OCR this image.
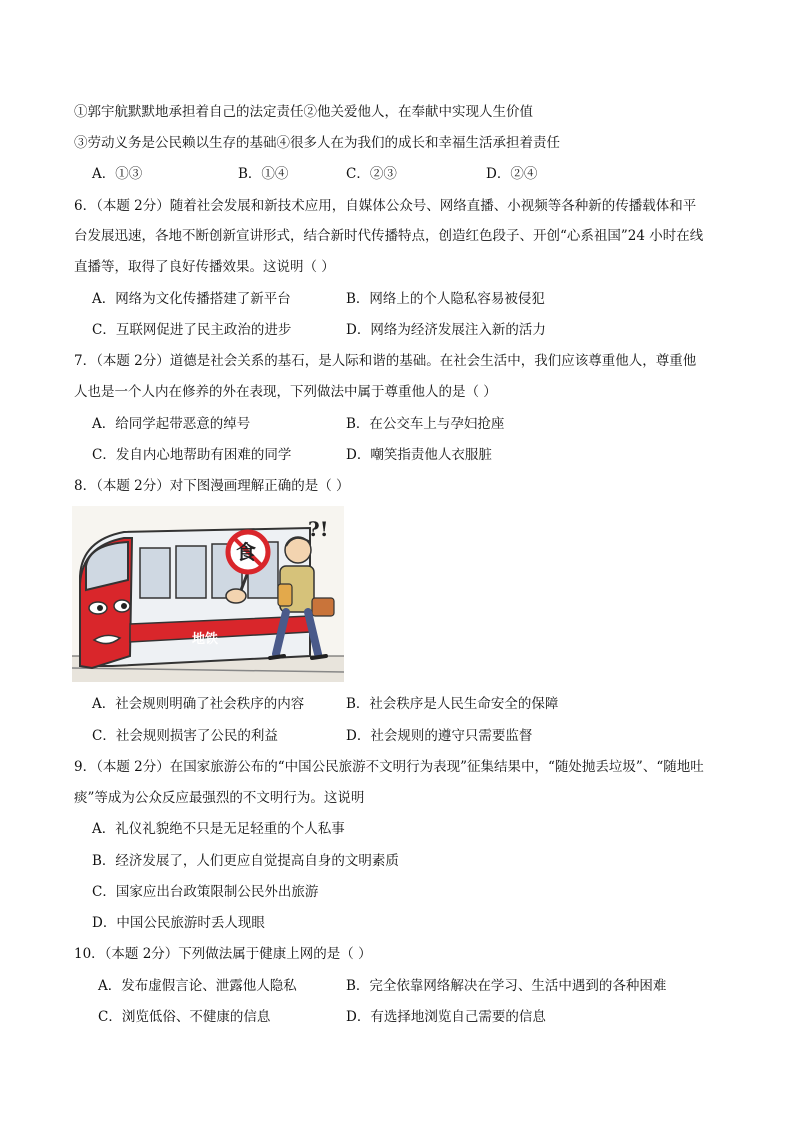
①郭宇航默默地承担着自己的法定责任②他关爱他人，在奉献中实现人生价值
③劳动义务是公民赖以生存的基础④很多人在为我们的成长和幸福生活承担着责任
A．①③	B．①④	C．②③	D．②④
6．（本题 2分）随着社会发展和新技术应用，自媒体公众号、网络直播、小视频等各种新的传播载体和平
台发展迅速，各地不断创新宣讲形式，结合新时代传播特点，创造红色段子、开创“心系祖国”24 小时在线
直播等，取得了良好传播效果。这说明（ ）
A．网络为文化传播搭建了新平台	B．网络上的个人隐私容易被侵犯
C．互联网促进了民主政治的进步	D．网络为经济发展注入新的活力
7．（本题 2分）道德是社会关系的基石，是人际和谐的基础。在社会生活中，我们应该尊重他人，尊重他
人也是一个人内在修养的外在表现，下列做法中属于尊重他人的是（ ）
A．给同学起带恶意的绰号	B．在公交车上与孕妇抢座
C．发自内心地帮助有困难的同学	D．嘲笑指责他人衣服脏
8．（本题 2分）对下图漫画理解正确的是（ ）
食
地铁
?!
A．社会规则明确了社会秩序的内容	B．社会秩序是人民生命安全的保障
C．社会规则损害了公民的利益	D．社会规则的遵守只需要监督
9．（本题 2分）在国家旅游公布的“中国公民旅游不文明行为表现”征集结果中，“随处抛丢垃圾”、“随地吐
痰”等成为公众反应最强烈的不文明行为。这说明
A．礼仪礼貌绝不只是无足轻重的个人私事
B．经济发展了，人们更应自觉提高自身的文明素质
C．国家应出台政策限制公民外出旅游
D．中国公民旅游时丢人现眼
10．（本题 2分）下列做法属于健康上网的是（ ）
A．发布虚假言论、泄露他人隐私	B．完全依靠网络解决在学习、生活中遇到的各种困难
C．浏览低俗、不健康的信息	D．有选择地浏览自己需要的信息
